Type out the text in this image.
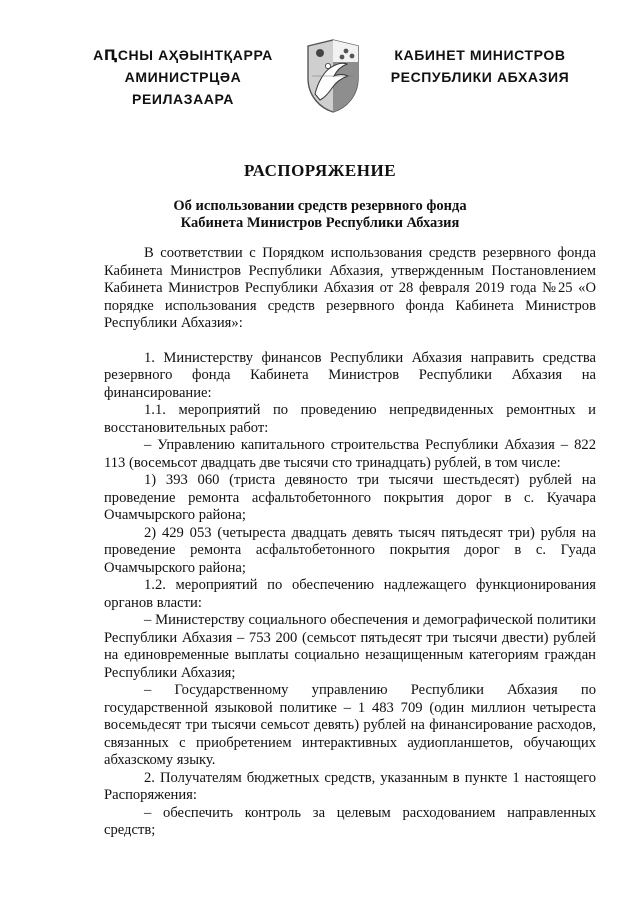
АԤСНЫ АҲӘЫНТҚАРРА
АМИНИСТРЦӘА РЕИЛАЗААРА
КАБИНЕТ МИНИСТРОВ
РЕСПУБЛИКИ АБХАЗИЯ
РАСПОРЯЖЕНИЕ
Об использовании средств резервного фонда
Кабинета Министров Республики Абхазия

В соответствии с Порядком использования средств резервного фонда Кабинета Министров Республики Абхазия, утвержденным Постановлением Кабинета Министров Республики Абхазия от 28 февраля 2019 года №25 «О порядке использования средств резервного фонда Кабинета Министров Республики Абхазия»:

1. Министерству финансов Республики Абхазия направить средства резервного фонда Кабинета Министров Республики Абхазия на финансирование:

1.1. мероприятий по проведению непредвиденных ремонтных и восстановительных работ:

– Управлению капитального строительства Республики Абхазия – 822 113 (восемьсот двадцать две тысячи сто тринадцать) рублей, в том числе:

1) 393 060 (триста девяносто три тысячи шестьдесят) рублей на проведение ремонта асфальтобетонного покрытия дорог в с. Куачара Очамчырского района;

2) 429 053 (четыреста двадцать девять тысяч пятьдесят три) рубля на проведение ремонта асфальтобетонного покрытия дорог в с. Гуада Очамчырского района;

1.2. мероприятий по обеспечению надлежащего функционирования органов власти:

– Министерству социального обеспечения и демографической политики Республики Абхазия – 753 200 (семьсот пятьдесят три тысячи двести) рублей на единовременные выплаты социально незащищенным категориям граждан Республики Абхазия;

– Государственному управлению Республики Абхазия по государственной языковой политике – 1 483 709 (один миллион четыреста восемьдесят три тысячи семьсот девять) рублей на финансирование расходов, связанных с приобретением интерактивных аудиопланшетов, обучающих абхазскому языку.

2. Получателям бюджетных средств, указанным в пункте 1 настоящего Распоряжения:

– обеспечить контроль за целевым расходованием направленных средств;
